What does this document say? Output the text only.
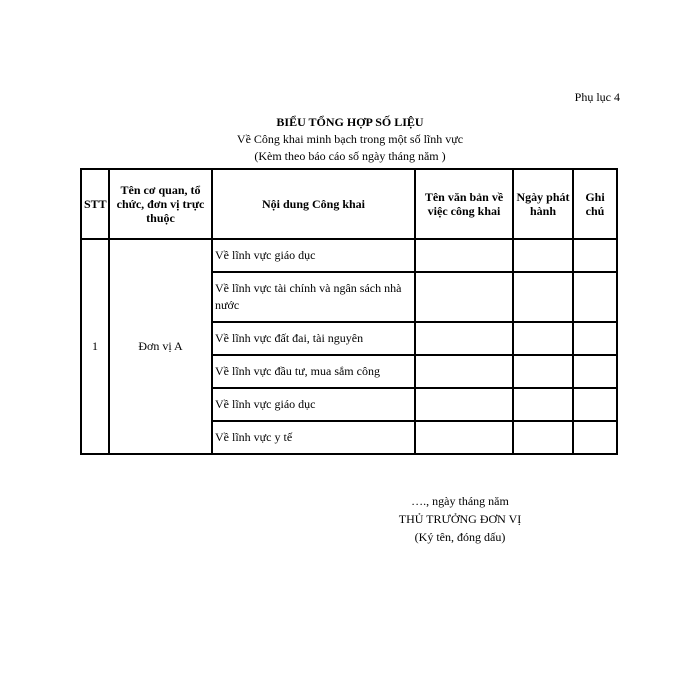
Phụ lục 4
BIỂU TỔNG HỢP SỐ LIỆU
Về Công khai minh bạch trong một số lĩnh vực
(Kèm theo báo cáo số ngày tháng năm )
STT	Tên cơ quan, tổ chức, đơn vị trực thuộc	Nội dung Công khai	Tên văn bản về việc công khai	Ngày phát hành	Ghi chú
1	Đơn vị A	Về lĩnh vực giáo dục			
		Về lĩnh vực tài chính và ngân sách nhà nước			
		Về lĩnh vực đất đai, tài nguyên			
		Về lĩnh vực đầu tư, mua sắm công			
		Về lĩnh vực giáo dục			
		Về lĩnh vực y tế			
…., ngày tháng năm
THỦ TRƯỞNG ĐƠN VỊ
(Ký tên, đóng dấu)
